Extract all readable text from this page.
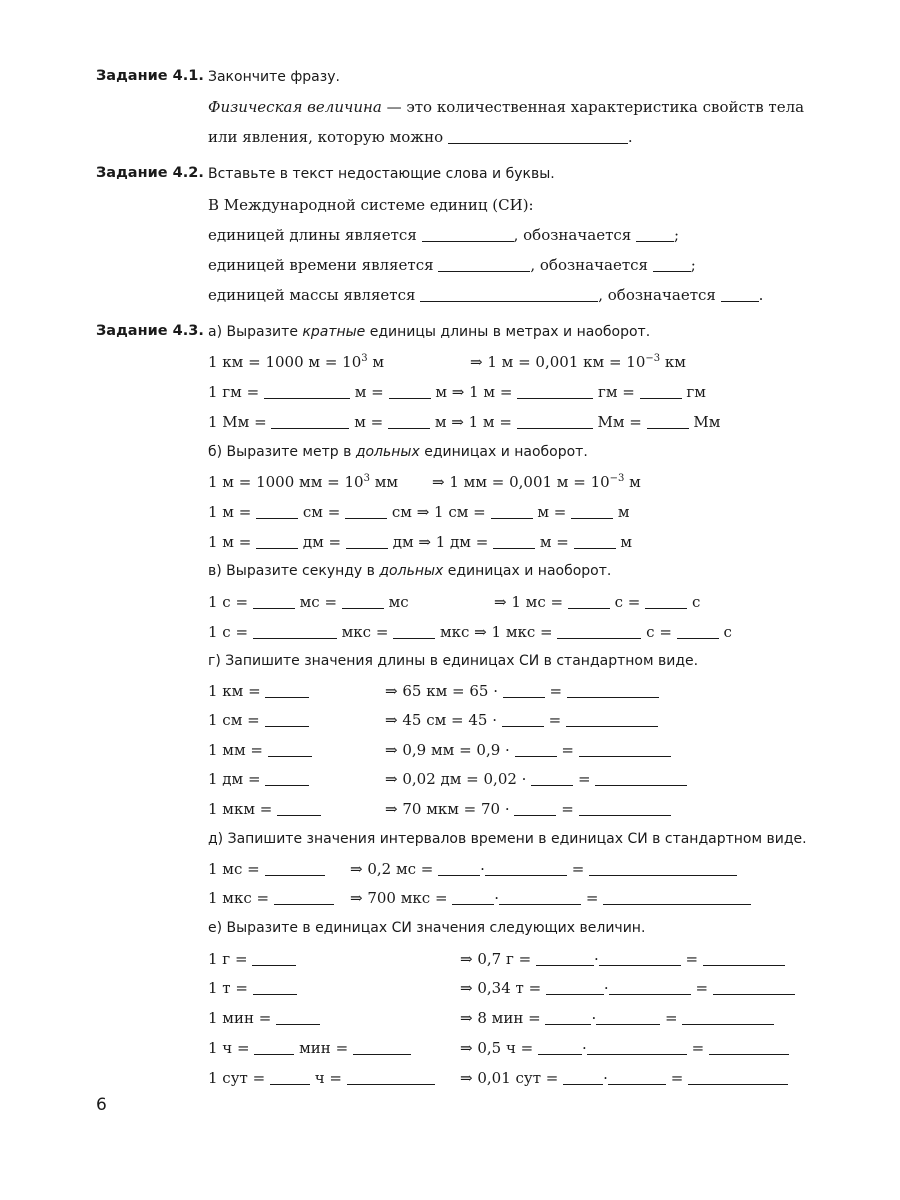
Задание 4.1. Закончите фразу.
Физическая величина — это количественная характеристика свойств тела
или явления, которую можно	.
Задание 4.2. Вставьте в текст недостающие слова и буквы.
В Международной системе единиц (СИ):
единицей длины является	, обозначается	;
единицей времени является	, обозначается	;
единицей массы является	, обозначается	.
Задание 4.3. а) Выразите кратные единицы длины в метрах и наоборот.
1 км = 1000 $м = 10^3$ м	⇒ 1 м = 0,001 км = $10^{-3}$ км
1 гм =	м =	м ⇒ 1 м =	гм =	гм
1 Мм =	м =	м ⇒ 1 м =	Мм =	Мм
б) Выразите метр в дольных единицах и наоборот.
1 м = 1000 мм = $10^3$ мм ⇒ 1 мм = 0,001 $м = 10^{-3}$ м
1 м =	см =	см ⇒ 1 см =	м =	м
1 м =	дм =	дм ⇒ 1 дм =	м =	м
в) Выразите секунду в дольных единицах и наоборот.
1 с =	мс =	мс	⇒ 1 мс =	с =	с
1 с =	мкс =	мкс ⇒ 1 мкс =	с =	с
г) Запишите значения длины в единицах СИ в стандартном виде.
1 км =	⇒ 65 км = 65 ·	=
1 см =	⇒ 45 см = 45 ·	=
1 мм =	⇒ 0,9 мм = 0,9 ·	=
1 дм =	⇒ 0,02 дм = 0,02 ·	=
1 мкм =	⇒ 70 мкм = 70 ·	=
д) Запишите значения интервалов времени в единицах СИ в стандартном виде.
1 мс =	⇒ 0,2 мс =	·	=
1 мкс =	⇒ 700 мкс =	·	=
е) Выразите в единицах СИ значения следующих величин.
1 г =	⇒ 0,7 г =	·	=
1 т =	⇒ 0,34 т =	·	=
1 мин =	⇒ 8 мин =	·	=
1 ч =	мин =	⇒ 0,5 ч =	·	=
1 сут =	ч =	⇒ 0,01 сут =	·	=
6
